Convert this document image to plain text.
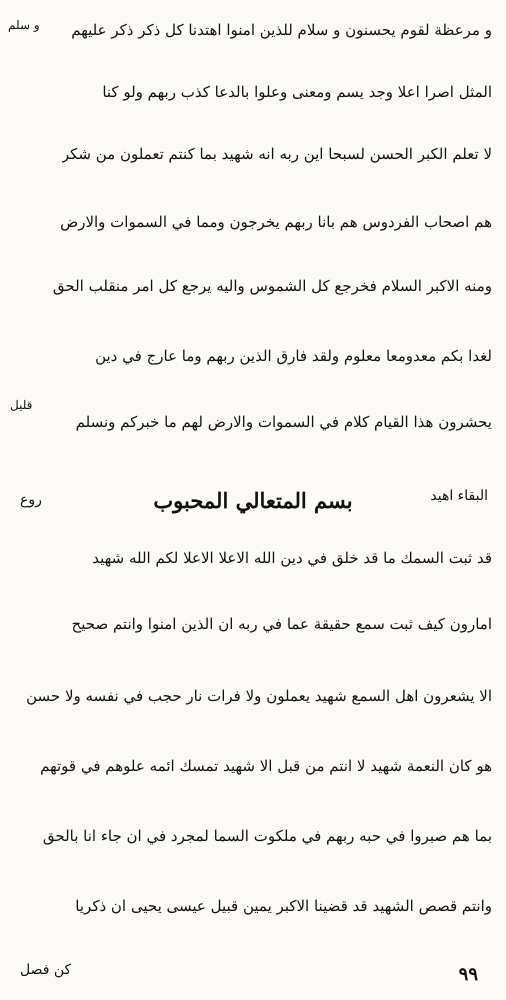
و سلم و مرعظة لقوم يحسنون و سلام للذين امنوا اهتدنا كل ذكر ذكر عليهم
المثل اصرا اعلا وجد يسم ومعنى وعلوا بالدعا كذب ربهم ولو كنا
لا تعلم الكبر الحسن لسبحا اين ربه انه شهيد بما كنتم تعملون من شكر
هم اصحاب الفردوس هم بانا ربهم يخرجون ومما في السموات والارض
ومنه الاكبر السلام فخرجع كل الشموس واليه يرجع كل امر منقلب الحق
لغدا بكم معدومعا معلوم ولقد فارق الذين ربهم وما عارج في دين
يحشرون هذا القيام كلام في السموات والارض لهم ما خبركم ونسلم
قليل
البقاء اهيد
بسم المتعالي المحبوب
روع
قد ثبت السمك ما قد خلق في دين الله الاعلا الاعلا لكم الله شهيد
امارون كيف ثبت سمع حقيقة عما في ربه ان الذين امنوا وانتم صحيح
الا يشعرون اهل السمع شهيد يعملون ولا فرات نار حجب في نفسه ولا حسن
هو كان النعمة شهيد لا انتم من قبل الا شهيد تمسك ائمه علوهم في قوتهم
بما هم صبروا في حبه ربهم في ملكوت السما لمجرد في ان جاء انا بالحق
وانتم قصص الشهيد قد قضينا الاكبر يمين قبيل عيسى يحيى ان ذكريا
كن فصل	٩٩
